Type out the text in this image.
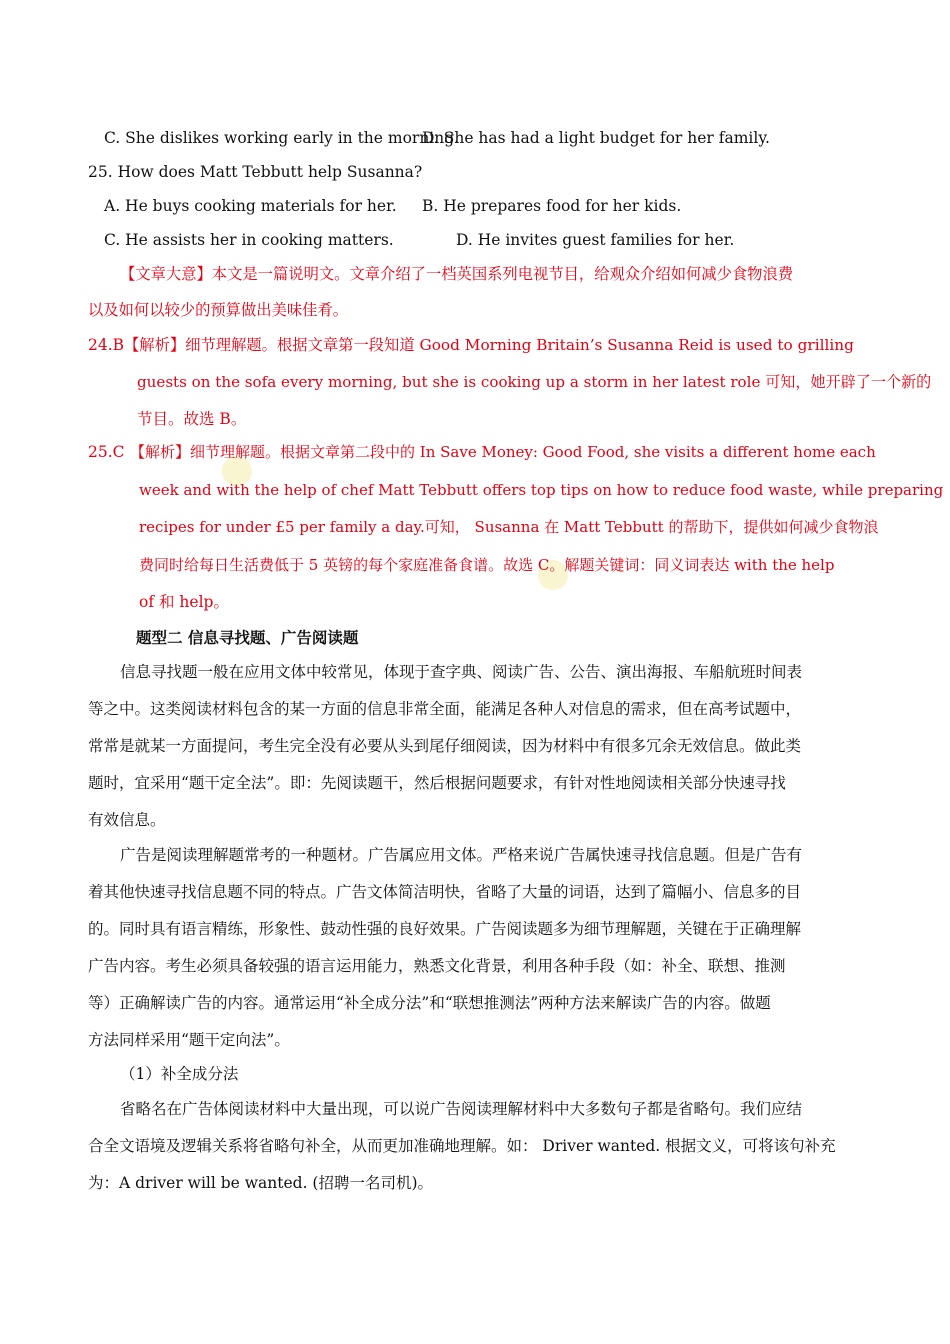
C. She dislikes working early in the morning.
D. She has had a light budget for her family.
25. How does Matt Tebbutt help Susanna?
A. He buys cooking materials for her. B. He prepares food for her kids.
C. He assists her in cooking matters.	D. He invites guest families for her.
【文章大意】本文是一篇说明文。文章介绍了一档英国系列电视节目，给观众介绍如何减少食物浪费
以及如何以较少的预算做出美味佳肴。
24.B 【解析】细节理解题。根据文章第一段知道 Good Morning Britain’s Susanna Reid is used to grilling
guests on the sofa every morning, but she is cooking up a storm in her latest role 可知，她开辟了一个新的
节目。故选 B。
25.C 【解析】细节理解题。根据文章第二段中的 In Save Money: Good Food, she visits a different home each
week and with the help of chef Matt Tebbutt offers top tips on how to reduce food waste, while preparing
recipes for under £5 per family a day.可知， Susanna 在 Matt Tebbutt 的帮助下，提供如何减少食物浪
费同时给每日生活费低于 5 英镑的每个家庭准备食谱。故选 C。解题关键词：同义词表达 with the help
of 和 help。
题型二 信息寻找题、广告阅读题
信息寻找题一般在应用文体中较常见，体现于查字典、阅读广告、公告、演出海报、车船航班时间表
等之中。这类阅读材料包含的某一方面的信息非常全面，能满足各种人对信息的需求，但在高考试题中，
常常是就某一方面提问，考生完全没有必要从头到尾仔细阅读，因为材料中有很多冗余无效信息。做此类
题时，宜采用“题干定全法”。即：先阅读题干，然后根据问题要求，有针对性地阅读相关部分快速寻找
有效信息。
广告是阅读理解题常考的一种题材。广告属应用文体。严格来说广告属快速寻找信息题。但是广告有
着其他快速寻找信息题不同的特点。广告文体简洁明快，省略了大量的词语，达到了篇幅小、信息多的目
的。同时具有语言精练，形象性、鼓动性强的良好效果。广告阅读题多为细节理解题，关键在于正确理解
广告内容。考生必须具备较强的语言运用能力，熟悉文化背景，利用各种手段（如：补全、联想、推测
等）正确解读广告的内容。通常运用“补全成分法”和“联想推测法”两种方法来解读广告的内容。做题
方法同样采用“题干定向法”。
（1）补全成分法
省略名在广告体阅读材料中大量出现，可以说广告阅读理解材料中大多数句子都是省略句。我们应结
合全文语境及逻辑关系将省略句补全，从而更加准确地理解。如： Driver wanted. 根据文义，可将该句补充
为：A driver will be wanted. (招聘一名司机)。
